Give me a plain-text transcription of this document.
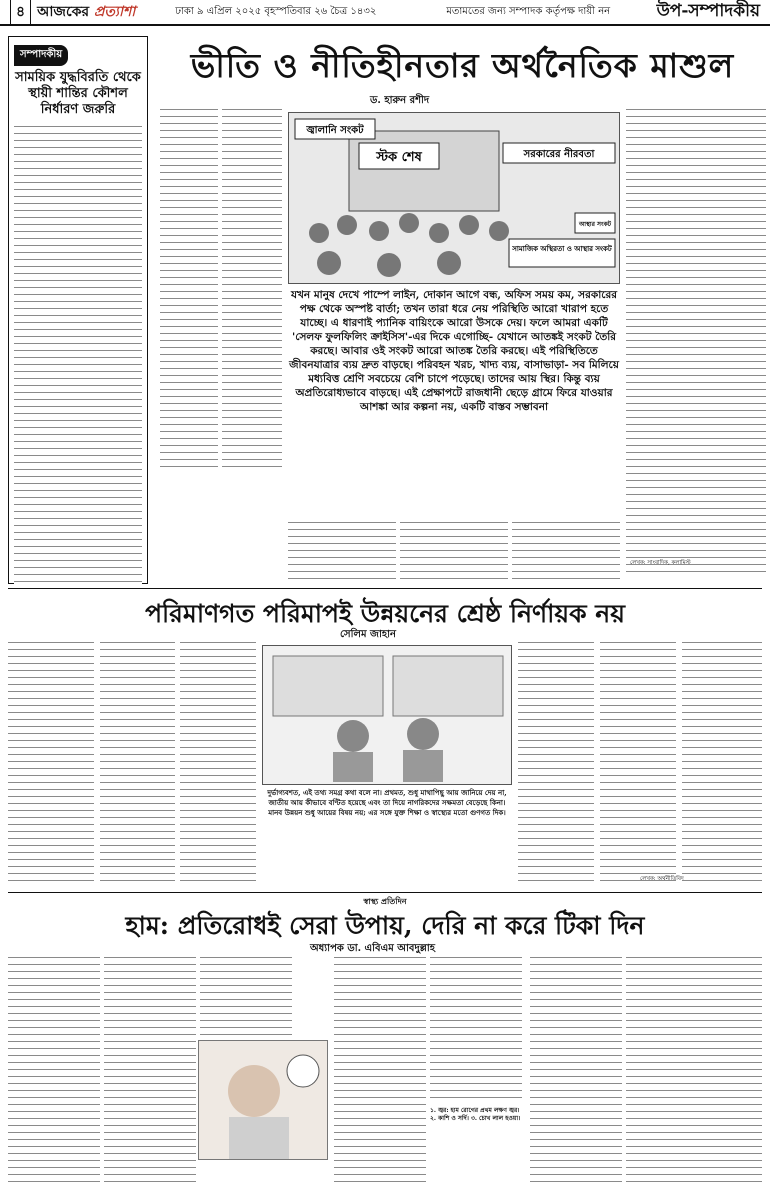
৪ আজকের প্রত্যাশা	ঢাকা ৯ এপ্রিল ২০২৫ বৃহস্পতিবার ২৬ চৈত্র ১৪৩২	মতামতের জন্য সম্পাদক কর্তৃপক্ষ দায়ী নন	উপ-সম্পাদকীয়
সম্পাদকীয়
সাময়িক যুদ্ধবিরতি থেকে স্থায়ী শান্তির কৌশল নির্ধারণ জরুরি
ভীতি ও নীতিহীনতার অর্থনৈতিক মাশুল
ড. হারুন রশীদ
জ্বালানি সংকট
স্টক শেষ	সরকারের নীরবতা
সামাজিক অস্থিরতা ও আস্থার সংকট
আস্থার সংকট
যখন মানুষ দেখে পাম্পে লাইন, দোকান আগে বন্ধ, অফিস সময় কম, সরকারের পক্ষ থেকে অস্পষ্ট বার্তা; তখন তারা ধরে নেয় পরিস্থিতি আরো খারাপ হতে যাচ্ছে। এ ধারণাই প্যানিক বায়িংকে আরো উসকে দেয়। ফলে আমরা একটি 'সেলফ ফুলফিলিং ক্রাইসিস'-এর দিকে এগোচ্ছি- যেখানে আতঙ্কই সংকট তৈরি করছে। আবার ওই সংকট আরো আতঙ্ক তৈরি করছে। এই পরিস্থিতিতে জীবনযাত্রার ব্যয় দ্রুত বাড়ছে। পরিবহন খরচ, খাদ্য ব্যয়, বাসাভাড়া- সব মিলিয়ে মধ্যবিত্ত শ্রেণি সবচেয়ে বেশি চাপে পড়েছে। তাদের আয় স্থির। কিন্তু ব্যয় অপ্রতিরোধ্যভাবে বাড়ছে। এই প্রেক্ষাপটে রাজধানী ছেড়ে গ্রামে ফিরে যাওয়ার আশঙ্কা আর কল্পনা নয়, একটি বাস্তব সম্ভাবনা
লেখক: সাংবাদিক, কলামিস্ট
পরিমাণগত পরিমাপই উন্নয়নের শ্রেষ্ঠ নির্ণায়ক নয়
সেলিম জাহান
দুর্ভাগ্যবশত, এই তথ্য সমগ্র কথা বলে না। প্রথমত, শুধু মাথাপিছু আয় জানিয়ে দেয় না, জাতীয় আয় কীভাবে বণ্টিত হয়েছে এবং তা দিয়ে নাগরিকদের সক্ষমতা বেড়েছে কিনা। মানব উন্নয়ন শুধু আয়ের বিষয় নয়; এর সঙ্গে যুক্ত শিক্ষা ও স্বাস্থ্যের মতো গুণগত দিক।
লেখক: অর্থনীতিবিদ
স্বাস্থ্য প্রতিদিন
হাম: প্রতিরোধই সেরা উপায়, দেরি না করে টিকা দিন
অধ্যাপক ডা. এবিএম আবদুল্লাহ
১. জ্বর: হাম রোগের প্রথম লক্ষণ জ্বর। ২. কাশি ও সর্দি। ৩. চোখ লাল হওয়া।
